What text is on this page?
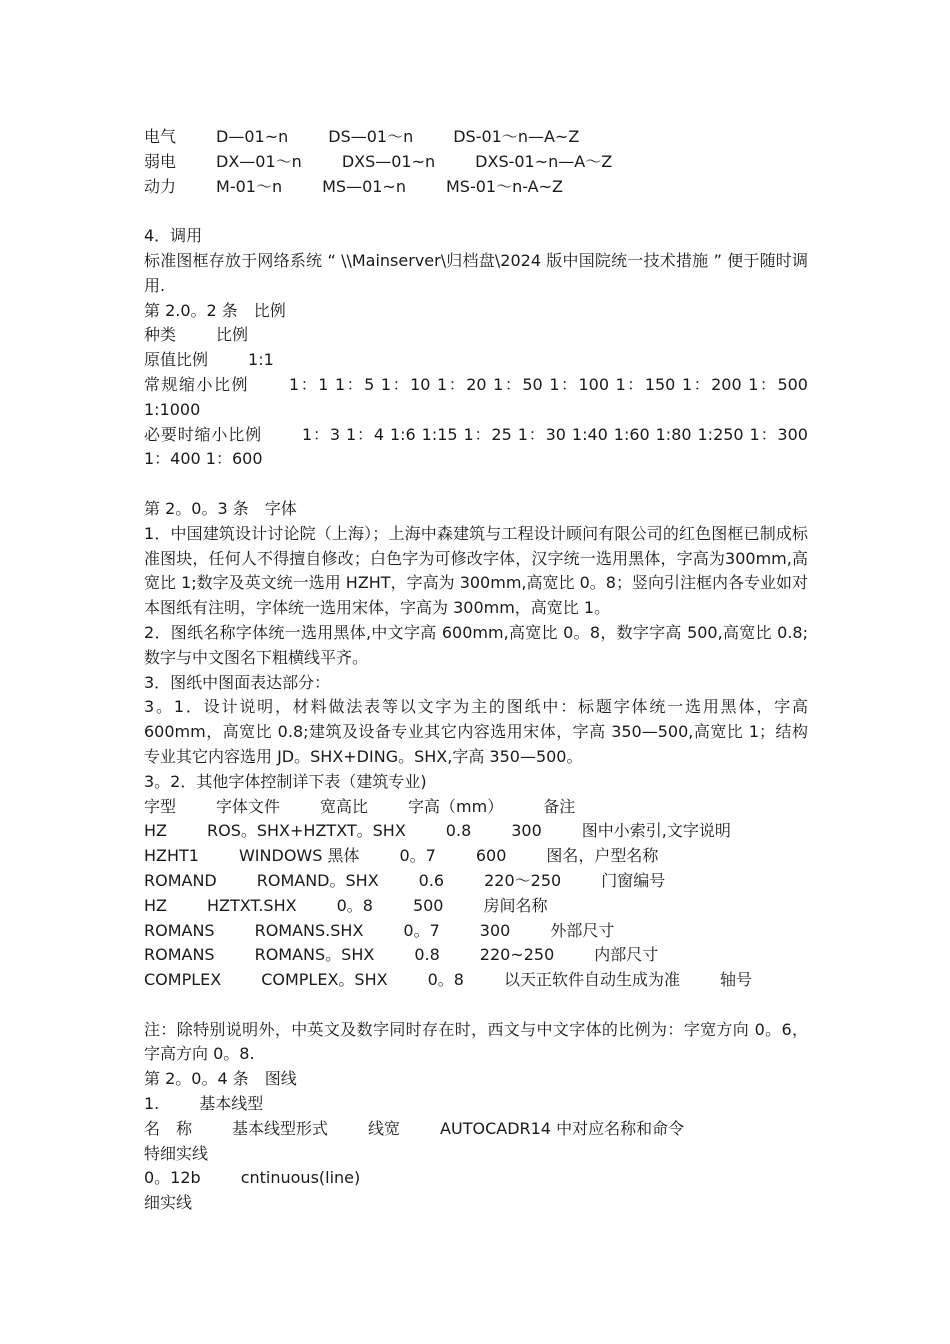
电气	D—01~n	DS—01～n	DS-01～n—A~Z
弱电	DX—01～n	DXS—01~n	DXS-01~n—A～Z
动力	M-01～n	MS—01~n	MS-01～n-A~Z
4．调用
标准图框存放于网络系统 “ \\Mainserver\归档盘\2024 版中国院统一技术措施 ” 便于随时调用.
第 2.0。2 条　比例
种类	比例
原值比例	1:1
常规缩小比例	1：1 1：5 1：10 1：20 1：50 1：100 1：150 1：200 1：500 1:1000
必要时缩小比例	1：3 1：4 1:6 1:15 1：25 1：30 1:40 1:60 1:80 1:250 1：300 1：400 1：600
第 2。0。3 条　字体
1．中国建筑设计讨论院（上海）；上海中森建筑与工程设计顾问有限公司的红色图框已制成标准图块，任何人不得擅自修改；白色字为可修改字体，汉字统一选用黑体，字高为300mm,高宽比 1;数字及英文统一选用 HZHT，字高为 300mm,高宽比 0。8；竖向引注框内各专业如对本图纸有注明，字体统一选用宋体，字高为 300mm，高宽比 1。
2．图纸名称字体统一选用黑体,中文字高 600mm,高宽比 0。8，数字字高 500,高宽比 0.8;数字与中文图名下粗横线平齐。
3．图纸中图面表达部分：
3。1．设计说明，材料做法表等以文字为主的图纸中：标题字体统一选用黑体，字高600mm，高宽比 0.8;建筑及设备专业其它内容选用宋体，字高 350—500,高宽比 1；结构专业其它内容选用 JD。SHX+DING。SHX,字高 350—500。
3。2．其他字体控制详下表（建筑专业)
字型	字体文件	宽高比	字高（mm）	备注
HZ	ROS。SHX+HZTXT。SHX	0.8	300	图中小索引,文字说明
HZHT1	WINDOWS 黑体	0。7	600	图名，户型名称
ROMAND	ROMAND。SHX	0.6	220～250	门窗编号
HZ	HZTXT.SHX	0。8	500	房间名称
ROMANS	ROMANS.SHX	0。7	300	外部尺寸
ROMANS	ROMANS。SHX	0.8	220~250	内部尺寸
COMPLEX	COMPLEX。SHX	0。8	以天正软件自动生成为准	轴号
注：除特别说明外，中英文及数字同时存在时，西文与中文字体的比例为：字宽方向 0。6，字高方向 0。8.
第 2。0。4 条　图线
1.	基本线型
名　称	基本线型形式	线宽	AUTOCADR14 中对应名称和命令
特细实线
0。12b	cntinuous(line)
细实线
